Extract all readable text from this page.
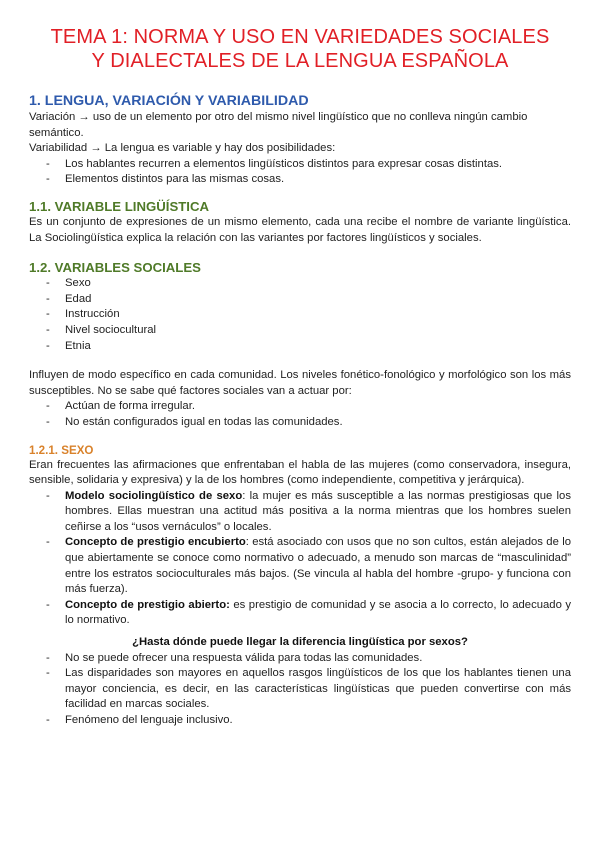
TEMA 1: NORMA Y USO EN VARIEDADES SOCIALES
Y DIALECTALES DE LA LENGUA ESPAÑOLA
1. LENGUA, VARIACIÓN Y VARIABILIDAD

Variación → uso de un elemento por otro del mismo nivel lingüístico que no conlleva ningún cambio semántico.

Variabilidad → La lengua es variable y hay dos posibilidades:

- Los hablantes recurren a elementos lingüísticos distintos para expresar cosas distintas.
- Elementos distintos para las mismas cosas.
1.1. VARIABLE LINGÜÍSTICA

Es un conjunto de expresiones de un mismo elemento, cada una recibe el nombre de variante lingüística. La Sociolingüística explica la relación con las variantes por factores lingüísticos y sociales.

1.2. VARIABLES SOCIALES
- Sexo
- Edad
- Instrucción
- Nivel sociocultural
- Etnia

Influyen de modo específico en cada comunidad. Los niveles fonético-fonológico y morfológico son los más susceptibles. No se sabe qué factores sociales van a actuar por:

- Actúan de forma irregular.
- No están configurados igual en todas las comunidades.
1.2.1. SEXO

Eran frecuentes las afirmaciones que enfrentaban el habla de las mujeres (como conservadora, insegura, sensible, solidaria y expresiva) y la de los hombres (como independiente, competitiva y jerárquica).

- Modelo sociolingüístico de sexo: la mujer es más susceptible a las normas prestigiosas que los hombres. Ellas muestran una actitud más positiva a la norma mientras que los hombres suelen ceñirse a los “usos vernáculos” o locales.
- Concepto de prestigio encubierto: está asociado con usos que no son cultos, están alejados de lo que abiertamente se conoce como normativo o adecuado, a menudo son marcas de “masculinidad” entre los estratos socioculturales más bajos. (Se vincula al habla del hombre -grupo- y funciona con más fuerza).
- Concepto de prestigio abierto: es prestigio de comunidad y se asocia a lo correcto, lo adecuado y lo normativo.

¿Hasta dónde puede llegar la diferencia lingüística por sexos?

- No se puede ofrecer una respuesta válida para todas las comunidades.
- Las disparidades son mayores en aquellos rasgos lingüísticos de los que los hablantes tienen una mayor conciencia, es decir, en las características lingüísticas que pueden convertirse con más facilidad en marcas sociales.
- Fenómeno del lenguaje inclusivo.
